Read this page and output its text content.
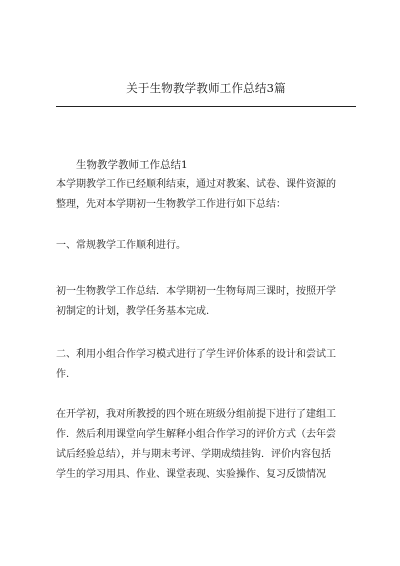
关于生物教学教师工作总结3篇
生物教学教师工作总结1
本学期教学工作已经顺利结束，通过对教案、试卷、课件资源的
整理，先对本学期初一生物教学工作进行如下总结：
一、常规教学工作顺利进行。
初一生物教学工作总结．本学期初一生物每周三课时，按照开学
初制定的计划，教学任务基本完成.
二、利用小组合作学习模式进行了学生评价体系的设计和尝试工
作.
在开学初，我对所教授的四个班在班级分组前提下进行了建组工
作．然后利用课堂向学生解释小组合作学习的评价方式（去年尝
试后经验总结），并与期末考评、学期成绩挂钩．评价内容包括
学生的学习用具、作业、课堂表现、实验操作、复习反馈情况
